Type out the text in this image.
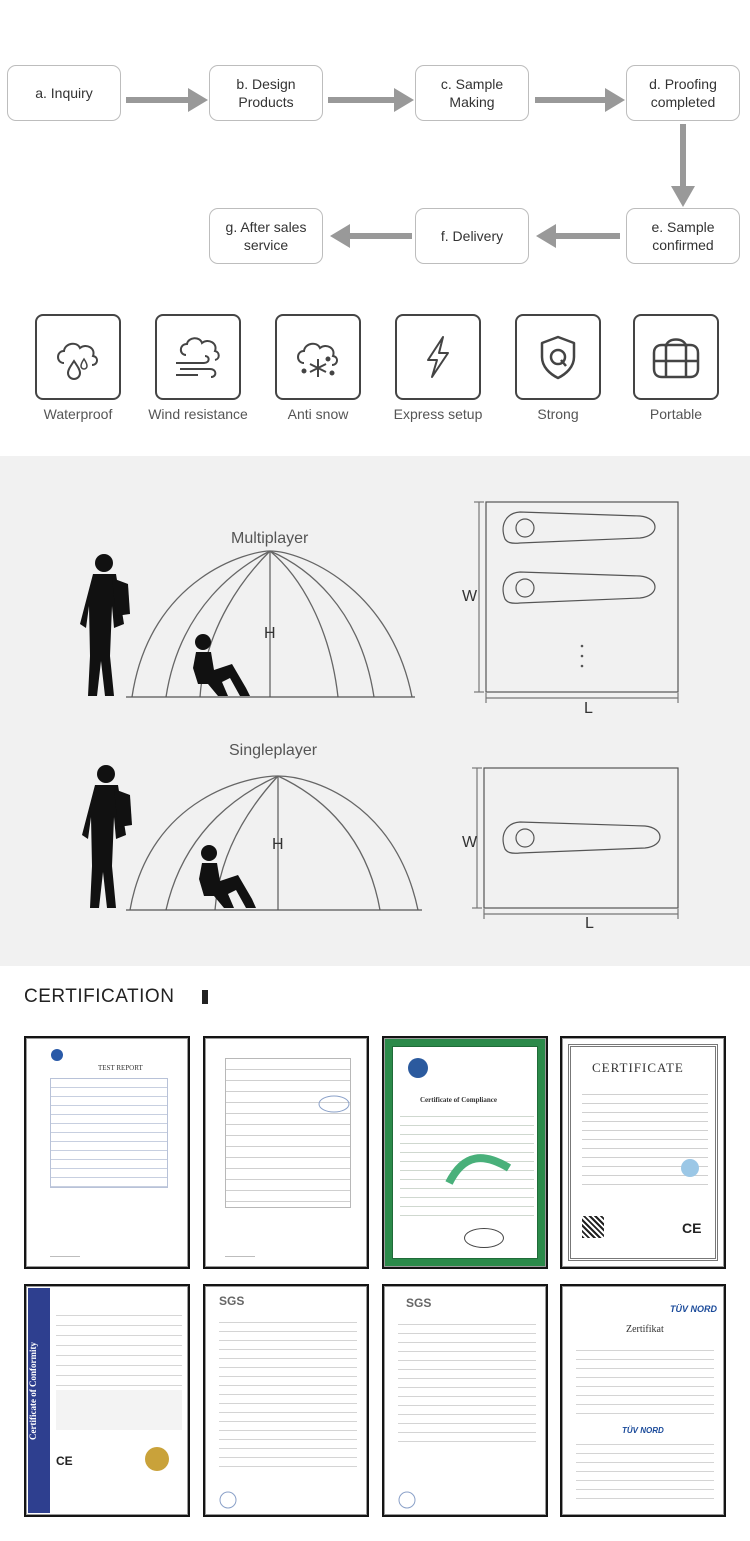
a. Inquiry
b. Design
Products
c. Sample
Making
d. Proofing
completed
e. Sample
confirmed
f. Delivery
g. After sales
service
Waterproof	Wind resistance	Anti snow	Express setup	Strong	Portable
Multiplayer
H
W
L
Singleplayer
H	W
L
CERTIFICATION
TEST REPORT
Certificate of Compliance
CERTIFICATE
CE
Certificate of Conformity
CE
SGS	SGS	TÜV NORD
Zertifikat
TÜV NORD
